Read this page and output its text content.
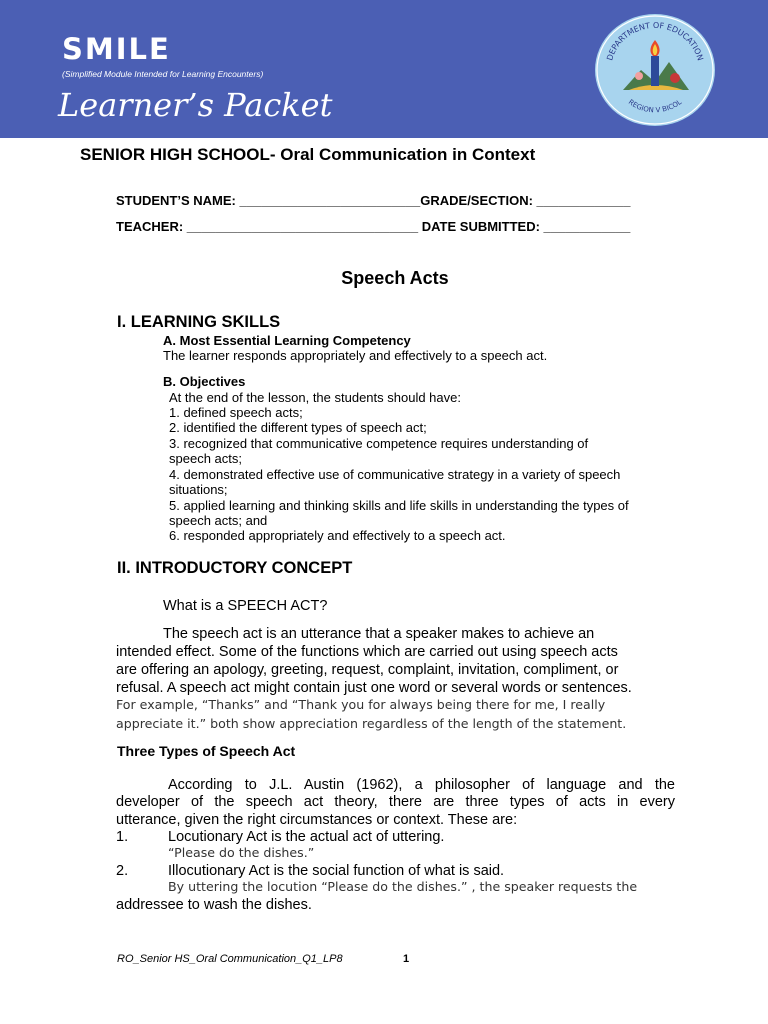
SMILE
(Simplified Module Intended for Learning Encounters)
Learner’s Packet
DEPARTMENT OF EDUCATION
REGION V BICOL
SENIOR HIGH SCHOOL- Oral Communication in Context
STUDENT’S NAME: _________________________GRADE/SECTION: _____________
TEACHER: ________________________________ DATE SUBMITTED: ____________
Speech Acts
I. LEARNING SKILLS
A. Most Essential Learning Competency
The learner responds appropriately and effectively to a speech act.
B. Objectives
At the end of the lesson, the students should have:
1. defined speech acts;
2. identified the different types of speech act;
3. recognized that communicative competence requires understanding of
speech acts;
4. demonstrated effective use of communicative strategy in a variety of speech
situations;
5. applied learning and thinking skills and life skills in understanding the types of
speech acts; and
6. responded appropriately and effectively to a speech act.
II. INTRODUCTORY CONCEPT
What is a SPEECH ACT?
The speech act is an utterance that a speaker makes to achieve an
intended effect. Some of the functions which are carried out using speech acts
are offering an apology, greeting, request, complaint, invitation, compliment, or
refusal. A speech act might contain just one word or several words or sentences.
For example, “Thanks” and “Thank you for always being there for me, I really
appreciate it.” both show appreciation regardless of the length of the statement.
Three Types of Speech Act
According to J.L. Austin (1962), a philosopher of language and the
developer of the speech act theory, there are three types of acts in every
utterance, given the right circumstances or context. These are:
1.	Locutionary Act is the actual act of uttering.
“Please do the dishes.”
2.	Illocutionary Act is the social function of what is said.
By uttering the locution “Please do the dishes.” , the speaker requests the
addressee to wash the dishes.
RO_Senior HS_Oral Communication_Q1_LP8	1
